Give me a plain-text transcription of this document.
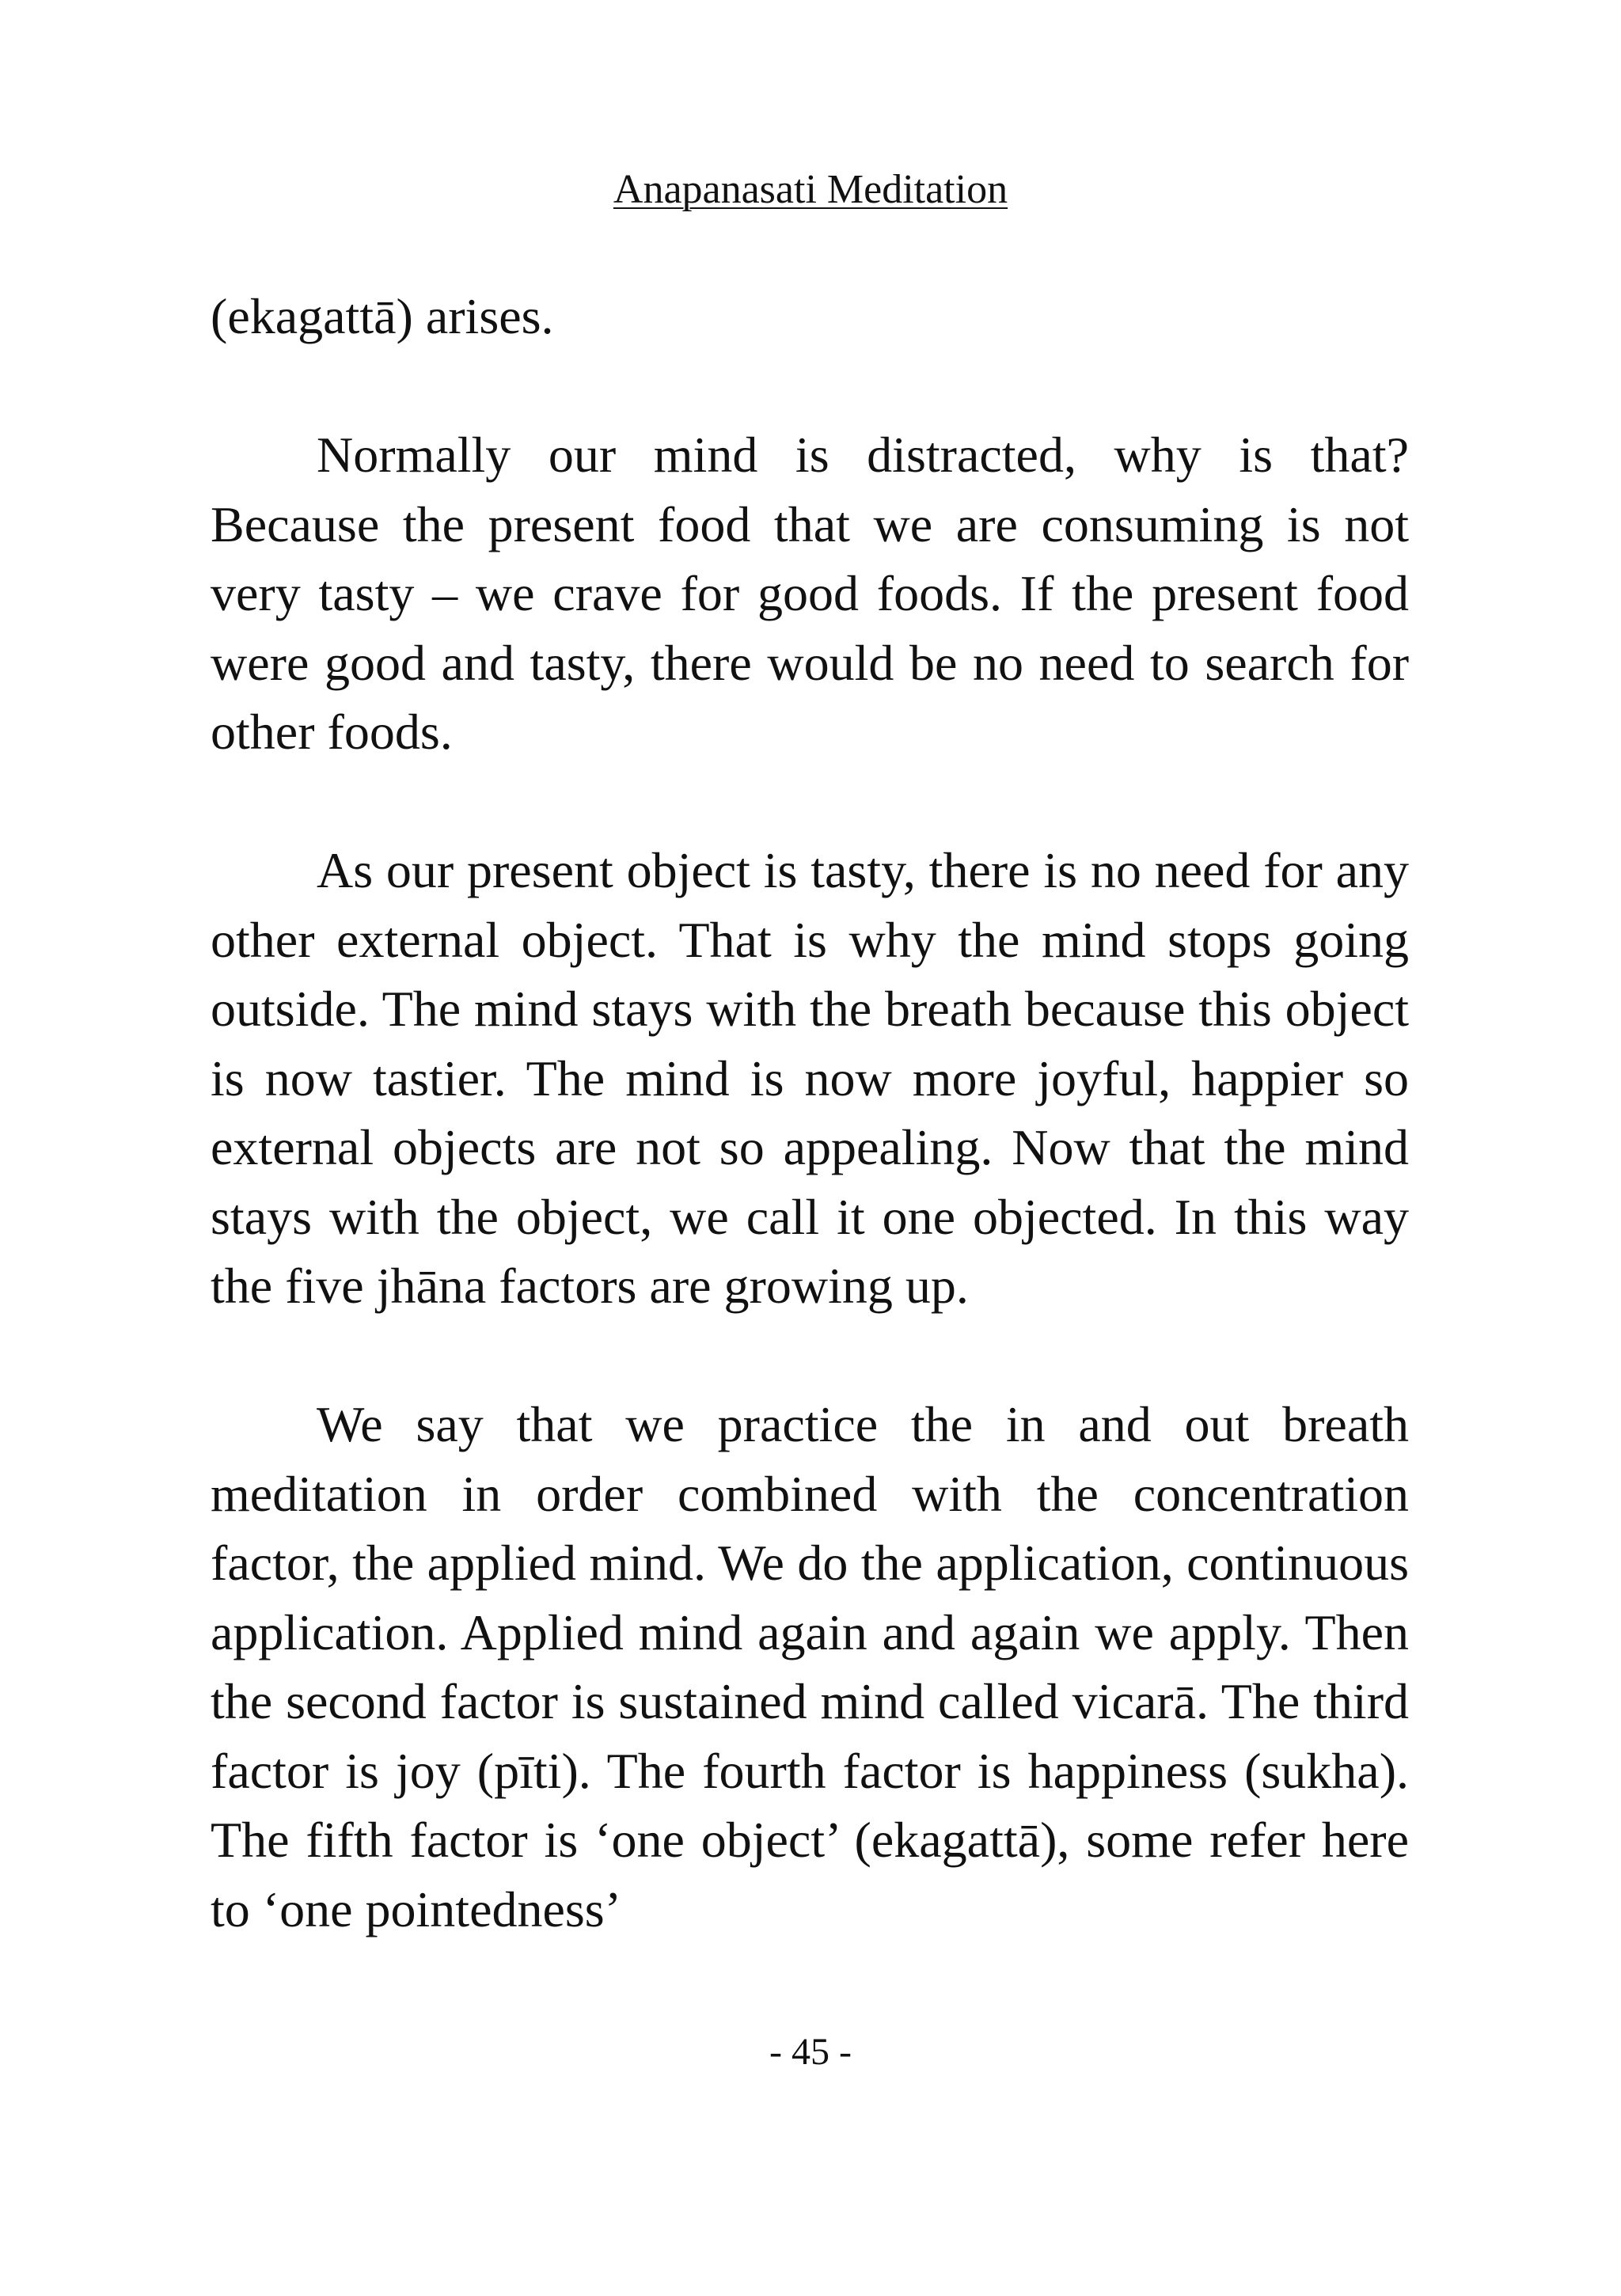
Anapanasati Meditation

(ekagattā) arises.

Normally our mind is distracted, why is that? Because the present food that we are consuming is not very tasty – we crave for good foods. If the present food were good and tasty, there would be no need to search for other foods.

As our present object is tasty, there is no need for any other external object. That is why the mind stops going outside. The mind stays with the breath because this object is now tastier. The mind is now more joyful, happier so external objects are not so appealing. Now that the mind stays with the object, we call it one objected. In this way the five jhāna factors are growing up.

We say that we practice the in and out breath meditation in order combined with the concentration factor, the applied mind. We do the application, continuous application. Applied mind again and again we apply. Then the second factor is sustained mind called vicarā. The third factor is joy (pīti). The fourth factor is happiness (sukha). The fifth factor is ‘one object’ (ekagattā), some refer here to ‘one pointedness’

- 45 -
